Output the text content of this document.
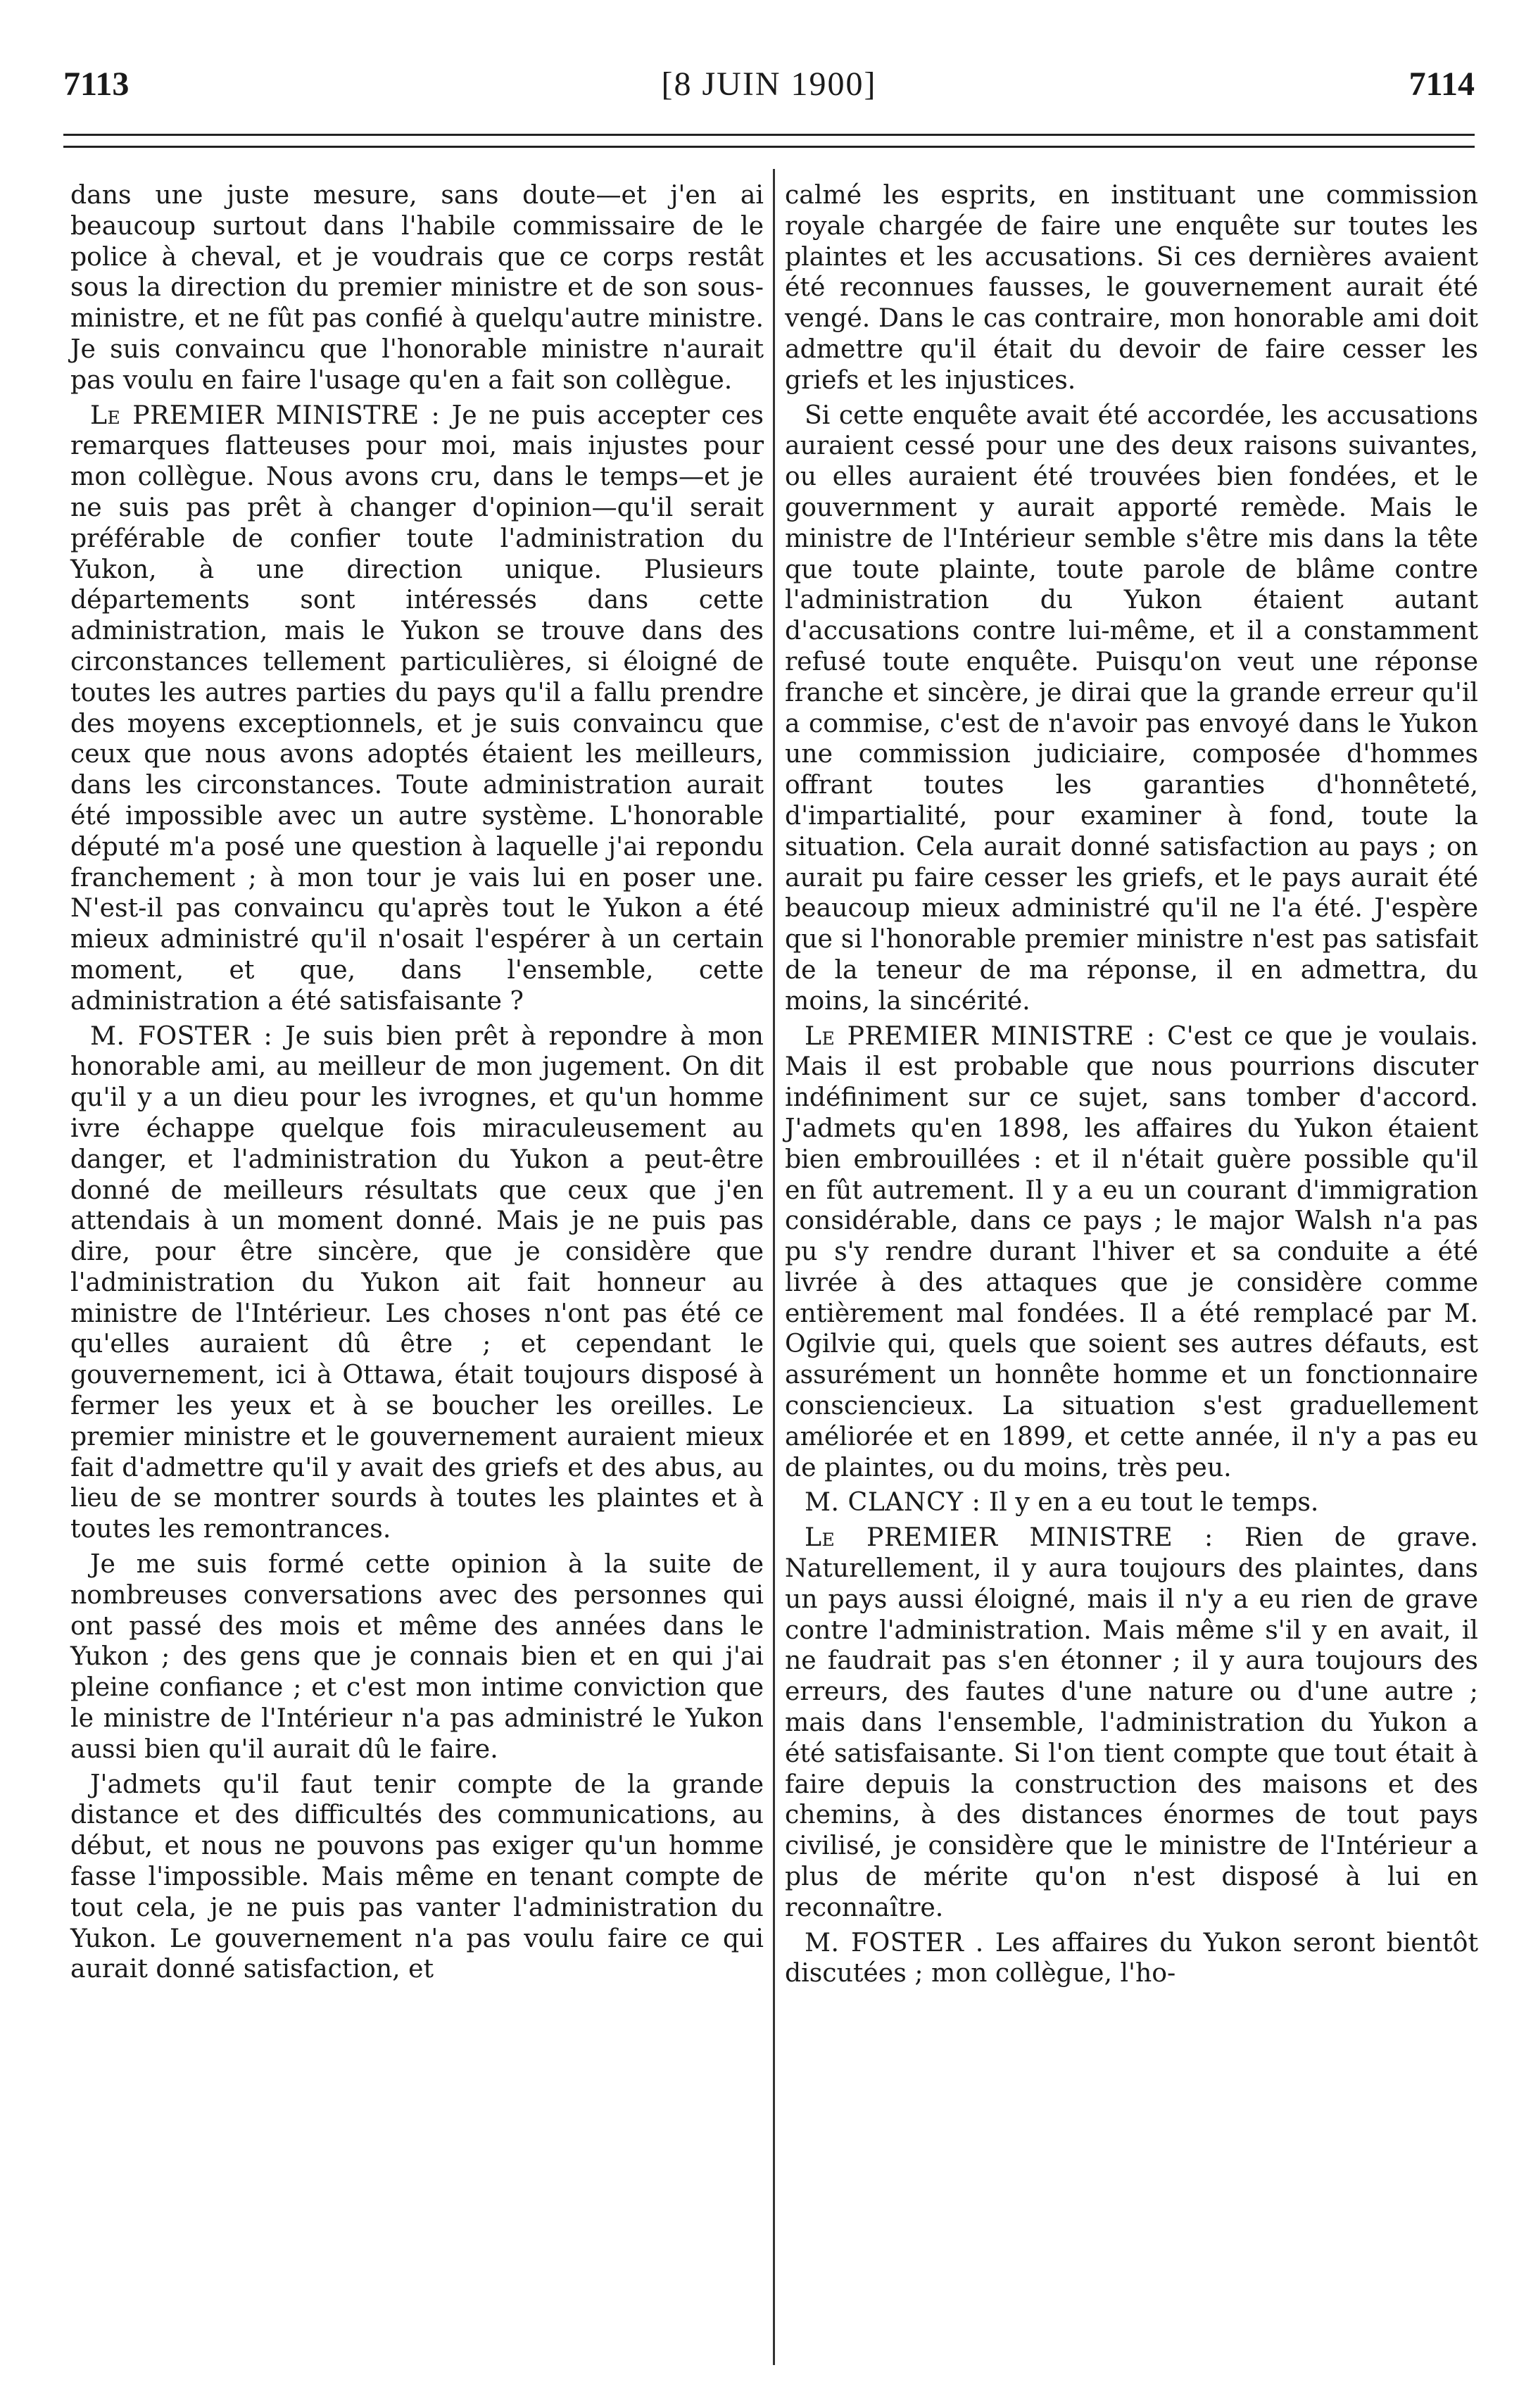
7113	[8 JUIN 1900]	7114

dans une juste mesure, sans doute—et j'en ai beaucoup surtout dans l'habile commissaire de le police à cheval, et je voudrais que ce corps restât sous la direction du premier ministre et de son sous-ministre, et ne fût pas confié à quelqu'autre ministre. Je suis convaincu que l'honorable ministre n'aurait pas voulu en faire l'usage qu'en a fait son collègue.

Le PREMIER MINISTRE : Je ne puis accepter ces remarques flatteuses pour moi, mais injustes pour mon collègue. Nous avons cru, dans le temps—et je ne suis pas prêt à changer d'opinion—qu'il serait préférable de confier toute l'administration du Yukon, à une direction unique. Plusieurs départements sont intéressés dans cette administration, mais le Yukon se trouve dans des circonstances tellement particulières, si éloigné de toutes les autres parties du pays qu'il a fallu prendre des moyens exceptionnels, et je suis convaincu que ceux que nous avons adoptés étaient les meilleurs, dans les circonstances. Toute administration aurait été impossible avec un autre système. L'honorable député m'a posé une question à laquelle j'ai repondu franchement ; à mon tour je vais lui en poser une. N'est-il pas convaincu qu'après tout le Yukon a été mieux administré qu'il n'osait l'espérer à un certain moment, et que, dans l'ensemble, cette administration a été satisfaisante ?

M. FOSTER : Je suis bien prêt à repondre à mon honorable ami, au meilleur de mon jugement. On dit qu'il y a un dieu pour les ivrognes, et qu'un homme ivre échappe quelque fois miraculeusement au danger, et l'administration du Yukon a peut-être donné de meilleurs résultats que ceux que j'en attendais à un moment donné. Mais je ne puis pas dire, pour être sincère, que je considère que l'administration du Yukon ait fait honneur au ministre de l'Intérieur. Les choses n'ont pas été ce qu'elles auraient dû être ; et cependant le gouvernement, ici à Ottawa, était toujours disposé à fermer les yeux et à se boucher les oreilles. Le premier ministre et le gouvernement auraient mieux fait d'admettre qu'il y avait des griefs et des abus, au lieu de se montrer sourds à toutes les plaintes et à toutes les remontrances.

Je me suis formé cette opinion à la suite de nombreuses conversations avec des personnes qui ont passé des mois et même des années dans le Yukon ; des gens que je connais bien et en qui j'ai pleine confiance ; et c'est mon intime conviction que le ministre de l'Intérieur n'a pas administré le Yukon aussi bien qu'il aurait dû le faire.

J'admets qu'il faut tenir compte de la grande distance et des difficultés des communications, au début, et nous ne pouvons pas exiger qu'un homme fasse l'impossible. Mais même en tenant compte de tout cela, je ne puis pas vanter l'administration du Yukon. Le gouvernement n'a pas voulu faire ce qui aurait donné satisfaction, et

calmé les esprits, en instituant une commission royale chargée de faire une enquête sur toutes les plaintes et les accusations. Si ces dernières avaient été reconnues fausses, le gouvernement aurait été vengé. Dans le cas contraire, mon honorable ami doit admettre qu'il était du devoir de faire cesser les griefs et les injustices.

Si cette enquête avait été accordée, les accusations auraient cessé pour une des deux raisons suivantes, ou elles auraient été trouvées bien fondées, et le gouvernment y aurait apporté remède. Mais le ministre de l'Intérieur semble s'être mis dans la tête que toute plainte, toute parole de blâme contre l'administration du Yukon étaient autant d'accusations contre lui-même, et il a constamment refusé toute enquête. Puisqu'on veut une réponse franche et sincère, je dirai que la grande erreur qu'il a commise, c'est de n'avoir pas envoyé dans le Yukon une commission judiciaire, composée d'hommes offrant toutes les garanties d'honnêteté, d'impartialité, pour examiner à fond, toute la situation. Cela aurait donné satisfaction au pays ; on aurait pu faire cesser les griefs, et le pays aurait été beaucoup mieux administré qu'il ne l'a été. J'espère que si l'honorable premier ministre n'est pas satisfait de la teneur de ma réponse, il en admettra, du moins, la sincérité.

Le PREMIER MINISTRE : C'est ce que je voulais. Mais il est probable que nous pourrions discuter indéfiniment sur ce sujet, sans tomber d'accord. J'admets qu'en 1898, les affaires du Yukon étaient bien embrouillées : et il n'était guère possible qu'il en fût autrement. Il y a eu un courant d'immigration considérable, dans ce pays ; le major Walsh n'a pas pu s'y rendre durant l'hiver et sa conduite a été livrée à des attaques que je considère comme entièrement mal fondées. Il a été remplacé par M. Ogilvie qui, quels que soient ses autres défauts, est assurément un honnête homme et un fonctionnaire consciencieux. La situation s'est graduellement améliorée et en 1899, et cette année, il n'y a pas eu de plaintes, ou du moins, très peu.

M. CLANCY : Il y en a eu tout le temps.

Le PREMIER MINISTRE : Rien de grave. Naturellement, il y aura toujours des plaintes, dans un pays aussi éloigné, mais il n'y a eu rien de grave contre l'administration. Mais même s'il y en avait, il ne faudrait pas s'en étonner ; il y aura toujours des erreurs, des fautes d'une nature ou d'une autre ; mais dans l'ensemble, l'administration du Yukon a été satisfaisante. Si l'on tient compte que tout était à faire depuis la construction des maisons et des chemins, à des distances énormes de tout pays civilisé, je considère que le ministre de l'Intérieur a plus de mérite qu'on n'est disposé à lui en reconnaître.

M. FOSTER . Les affaires du Yukon seront bientôt discutées ; mon collègue, l'ho-
